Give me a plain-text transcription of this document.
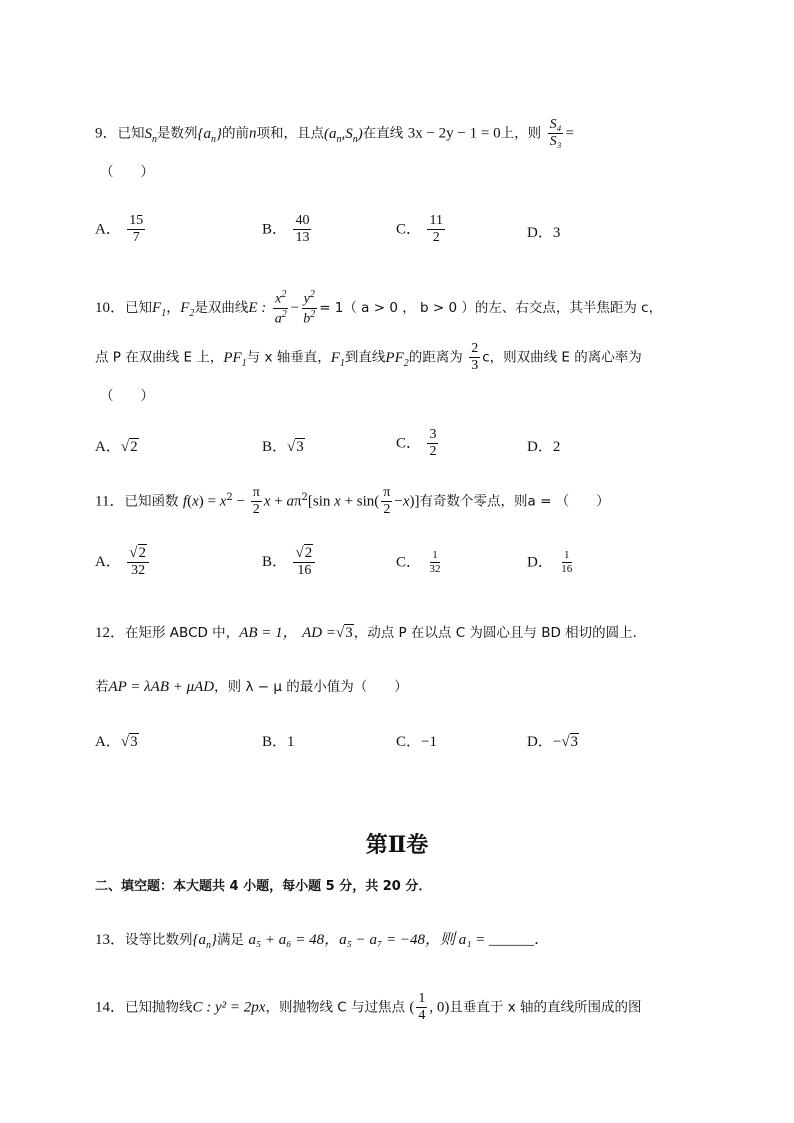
9．已知$S_n$是数列$\{a_n\}$的前n项和，且点$(a_n,S_n)$在直线 3x − 2y − 1 = 0上，则 $\frac{\text{S₄}}{\text{S₃}}$ =
（　　）
A． $\frac{15}{7}$	B． $\frac{40}{13}$	C． $\frac{11}{2}$	D．3
10．已知$F_1$，$F_2$是双曲线E : $\frac{x^2}{a^2} - \frac{y^2}{b^2} = 1$（ a > 0 ， b > 0 ）的左、右交点，其半焦距为 c，
点 P 在双曲线 E 上，$PF_1$与 x 轴垂直，$F_1$到直线$PF_2$的距离为 $\frac{2}{3}$ c，则双曲线 E 的离心率为
（　　）
A．√2	B．√3	C． $\frac{3}{2}$	D．2
11．已知函数 $f(x) = x^2 - \frac{\pi}{2}$ $x + a\pi^2[\sin$ $x + \sin( \frac{\pi}{2} -x)$]有奇数个零点，则a = （　　）
A． $\frac{√2}{32}$	B． $\frac{√2}{16}$	C． $\frac{1}{32}$	D． $\frac{1}{16}$
12．在矩形 ABCD 中，AB = 1， AD =√3，动点 P 在以点 C 为圆心且与 BD 相切的圆上．
若AP = λAB + μAD，则 λ − μ 的最小值为（　　）
A．√3	B．1	C．−1	D．−√3
第Ⅱ卷
二、填空题：本大题共 4 小题，每小题 5 分，共 20 分．
13．设等比数列$\{a_n\}$满足 a₅ + a₆ = 48，a₅ − a₇ = −48，则 a₁ = ______．
14．已知抛物线C : y² = 2px，则抛物线 C 与过焦点 ( $\frac{1}{4}$ , 0)且垂直于 x 轴的直线所围成的图
